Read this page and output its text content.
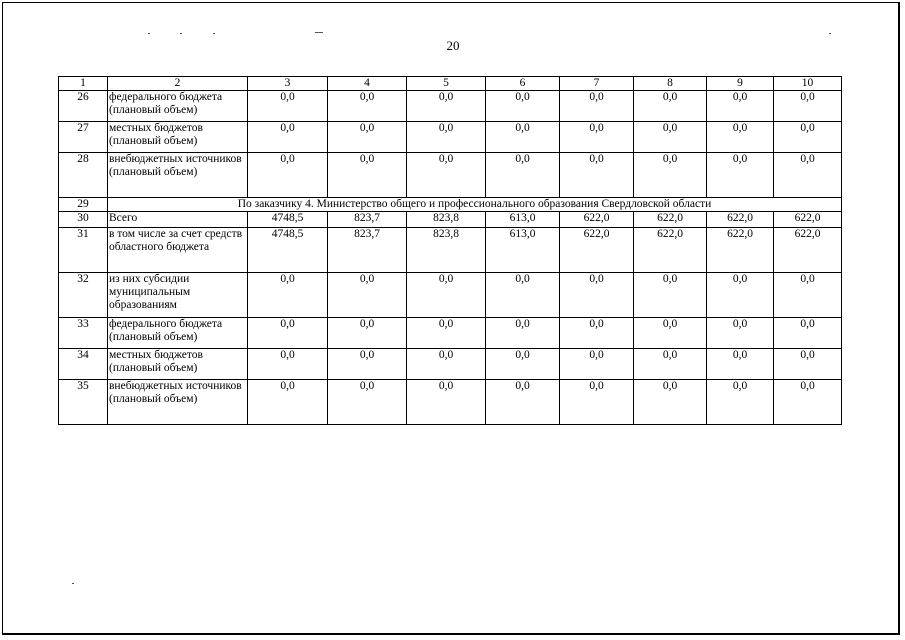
20
1	2	3	4	5	6	7	8	9	10
26	федерального бюджета (плановый объем)	0,0	0,0	0,0	0,0	0,0	0,0	0,0	0,0
27	местных бюджетов (плановый объем)	0,0	0,0	0,0	0,0	0,0	0,0	0,0	0,0
28	внебюджетных источников (плановый объем)	0,0	0,0	0,0	0,0	0,0	0,0	0,0	0,0
29	По заказчику 4. Министерство общего и профессионального образования Свердловской области								
30	Всего	4748,5	823,7	823,8	613,0	622,0	622,0	622,0	622,0
31	в том числе за счет средств областного бюджета	4748,5	823,7	823,8	613,0	622,0	622,0	622,0	622,0
32	из них субсидии муниципальным образованиям	0,0	0,0	0,0	0,0	0,0	0,0	0,0	0,0
33	федерального бюджета (плановый объем)	0,0	0,0	0,0	0,0	0,0	0,0	0,0	0,0
34	местных бюджетов (плановый объем)	0,0	0,0	0,0	0,0	0,0	0,0	0,0	0,0
35	внебюджетных источников (плановый объем)	0,0	0,0	0,0	0,0	0,0	0,0	0,0	0,0
